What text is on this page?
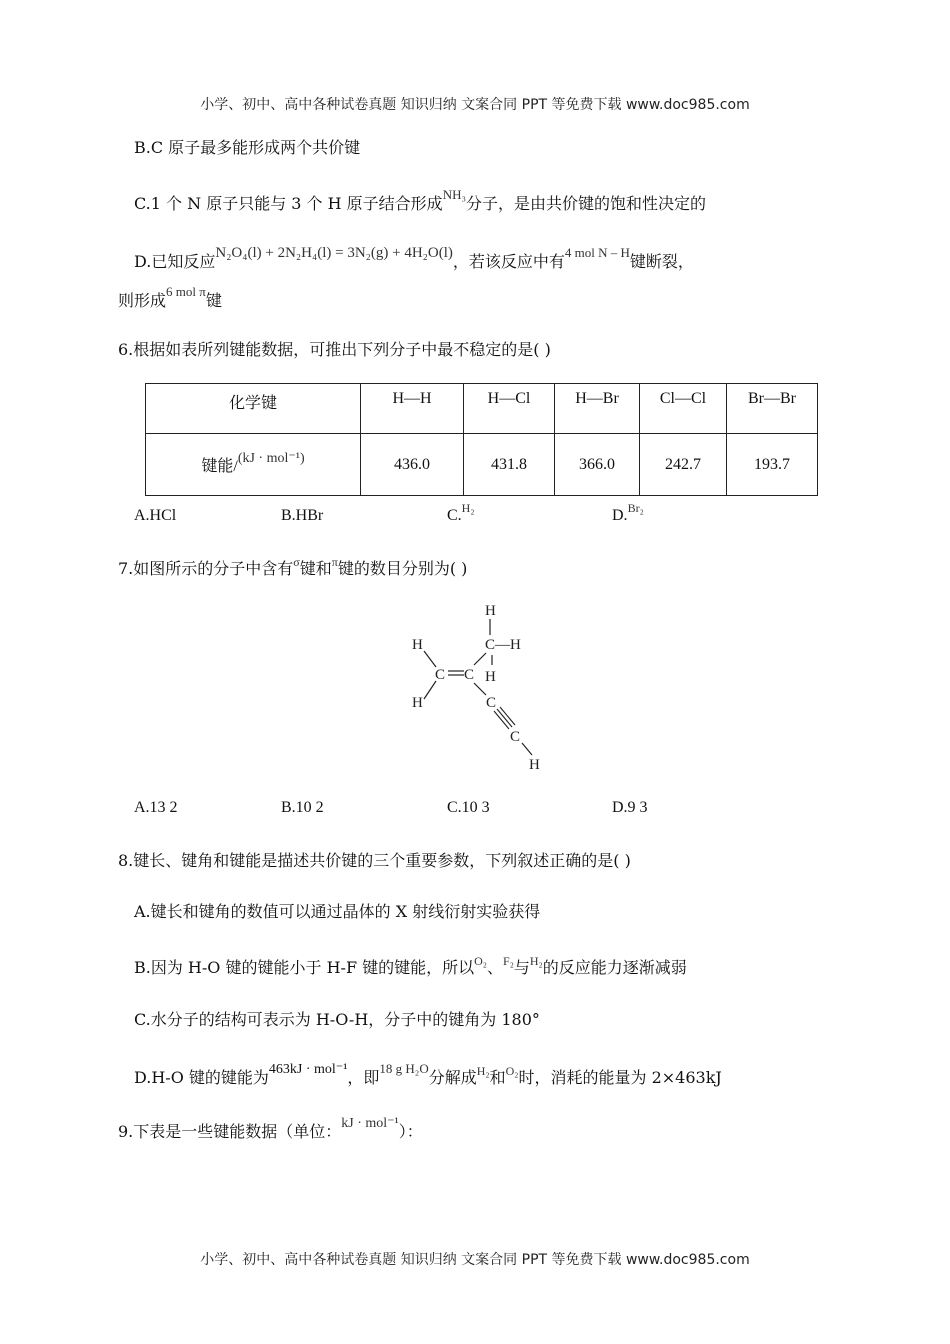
小学、初中、高中各种试卷真题 知识归纳 文案合同 PPT 等免费下载 www.doc985.com
B.C 原子最多能形成两个共价键
C.1 个 N 原子只能与 3 个 H 原子结合形成$^{NH_3}$分子，是由共价键的饱和性决定的
D.已知反应N₂O₄(l) + 2N₂H₄(l) = 3N₂(g) + 4H₂O(l)，若该反应中有$^{4 mol N - H}$键断裂，
则形成$^{6 mol \pi}$键
6.根据如表所列键能数据，可推出下列分子中最不稳定的是( )
化学键	H—H	H—Cl	H—Br	Cl—Cl	Br—Br
键能/(kJ · mol⁻¹)	436.0	431.8	366.0	242.7	193.7
A.HCl	B.HBr	C.$^{H_2}$	D.$^{Br_2}$
7.如图所示的分子中含有$^\sigma$键和$^\pi$键的数目分别为( )
H
C—H
H
H
C C H
C
C
H
A.13 2	B.10 2	C.10 3	D.9 3
8.键长、键角和键能是描述共价键的三个重要参数，下列叙述正确的是( )
A.键长和键角的数值可以通过晶体的 X 射线衍射实验获得
B.因为 H-O 键的键能小于 H-F 键的键能，所以$^{O_2}$、$^{F_2}$与$^{H_2}$的反应能力逐渐减弱
C.水分子的结构可表示为 H-O-H，分子中的键角为 180°
D.H-O 键的键能为463kJ · mol⁻¹，即$^{18 g H_2O}$分解成$^{H_2}$和$^{O_2}$时，消耗的能量为 2×463kJ
9.下表是一些键能数据（单位：kJ · mol⁻¹）：
小学、初中、高中各种试卷真题 知识归纳 文案合同 PPT 等免费下载 www.doc985.com
